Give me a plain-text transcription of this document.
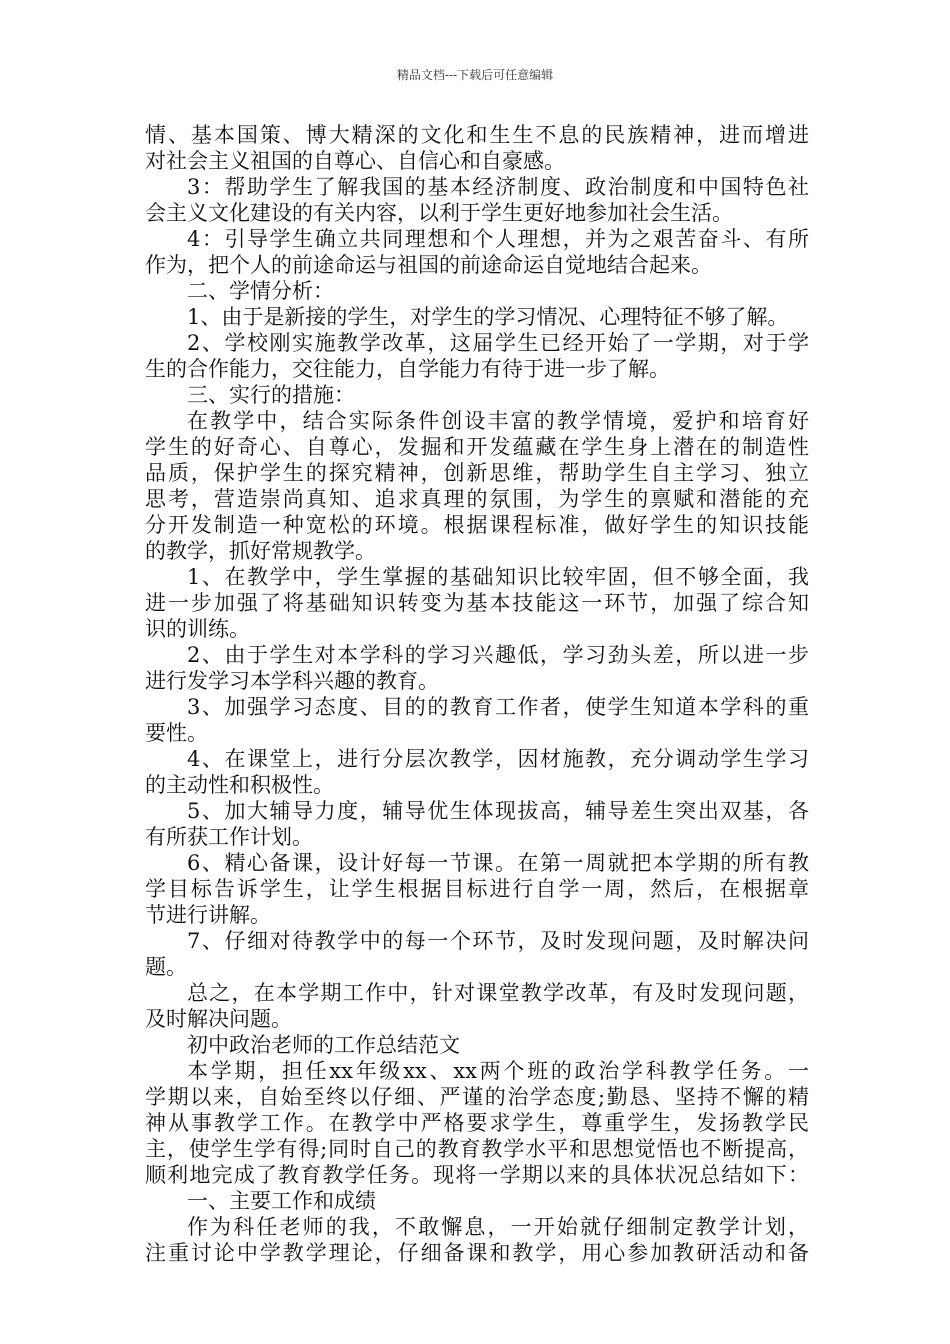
精品文档---下载后可任意编辑
情、基本国策、博大精深的文化和生生不息的民族精神，进而增进
对社会主义祖国的自尊心、自信心和自豪感。
3：帮助学生了解我国的基本经济制度、政治制度和中国特色社
会主义文化建设的有关内容，以利于学生更好地参加社会生活。
4：引导学生确立共同理想和个人理想，并为之艰苦奋斗、有所
作为，把个人的前途命运与祖国的前途命运自觉地结合起来。
二、学情分析：
1、由于是新接的学生，对学生的学习情况、心理特征不够了解。
2、学校刚实施教学改革，这届学生已经开始了一学期，对于学
生的合作能力，交往能力，自学能力有待于进一步了解。
三、实行的措施：
在教学中，结合实际条件创设丰富的教学情境，爱护和培育好
学生的好奇心、自尊心，发掘和开发蕴藏在学生身上潜在的制造性
品质，保护学生的探究精神，创新思维，帮助学生自主学习、独立
思考，营造崇尚真知、追求真理的氛围，为学生的禀赋和潜能的充
分开发制造一种宽松的环境。根据课程标准，做好学生的知识技能
的教学，抓好常规教学。
1、在教学中，学生掌握的基础知识比较牢固，但不够全面，我
进一步加强了将基础知识转变为基本技能这一环节，加强了综合知
识的训练。
2、由于学生对本学科的学习兴趣低，学习劲头差，所以进一步
进行发学习本学科兴趣的教育。
3、加强学习态度、目的的教育工作者，使学生知道本学科的重
要性。
4、在课堂上，进行分层次教学，因材施教，充分调动学生学习
的主动性和积极性。
5、加大辅导力度，辅导优生体现拔高，辅导差生突出双基，各
有所获工作计划。
6、精心备课，设计好每一节课。在第一周就把本学期的所有教
学目标告诉学生，让学生根据目标进行自学一周，然后，在根据章
节进行讲解。
7、仔细对待教学中的每一个环节，及时发现问题，及时解决问
题。
总之，在本学期工作中，针对课堂教学改革，有及时发现问题，
及时解决问题。
初中政治老师的工作总结范文
本学期，担任xx年级xx、xx两个班的政治学科教学任务。一
学期以来，自始至终以仔细、严谨的治学态度;勤恳、坚持不懈的精
神从事教学工作。在教学中严格要求学生，尊重学生，发扬教学民
主，使学生学有得;同时自己的教育教学水平和思想觉悟也不断提高，
顺利地完成了教育教学任务。现将一学期以来的具体状况总结如下：
一、主要工作和成绩
作为科任老师的我，不敢懈息，一开始就仔细制定教学计划，
注重讨论中学教学理论，仔细备课和教学，用心参加教研活动和备
